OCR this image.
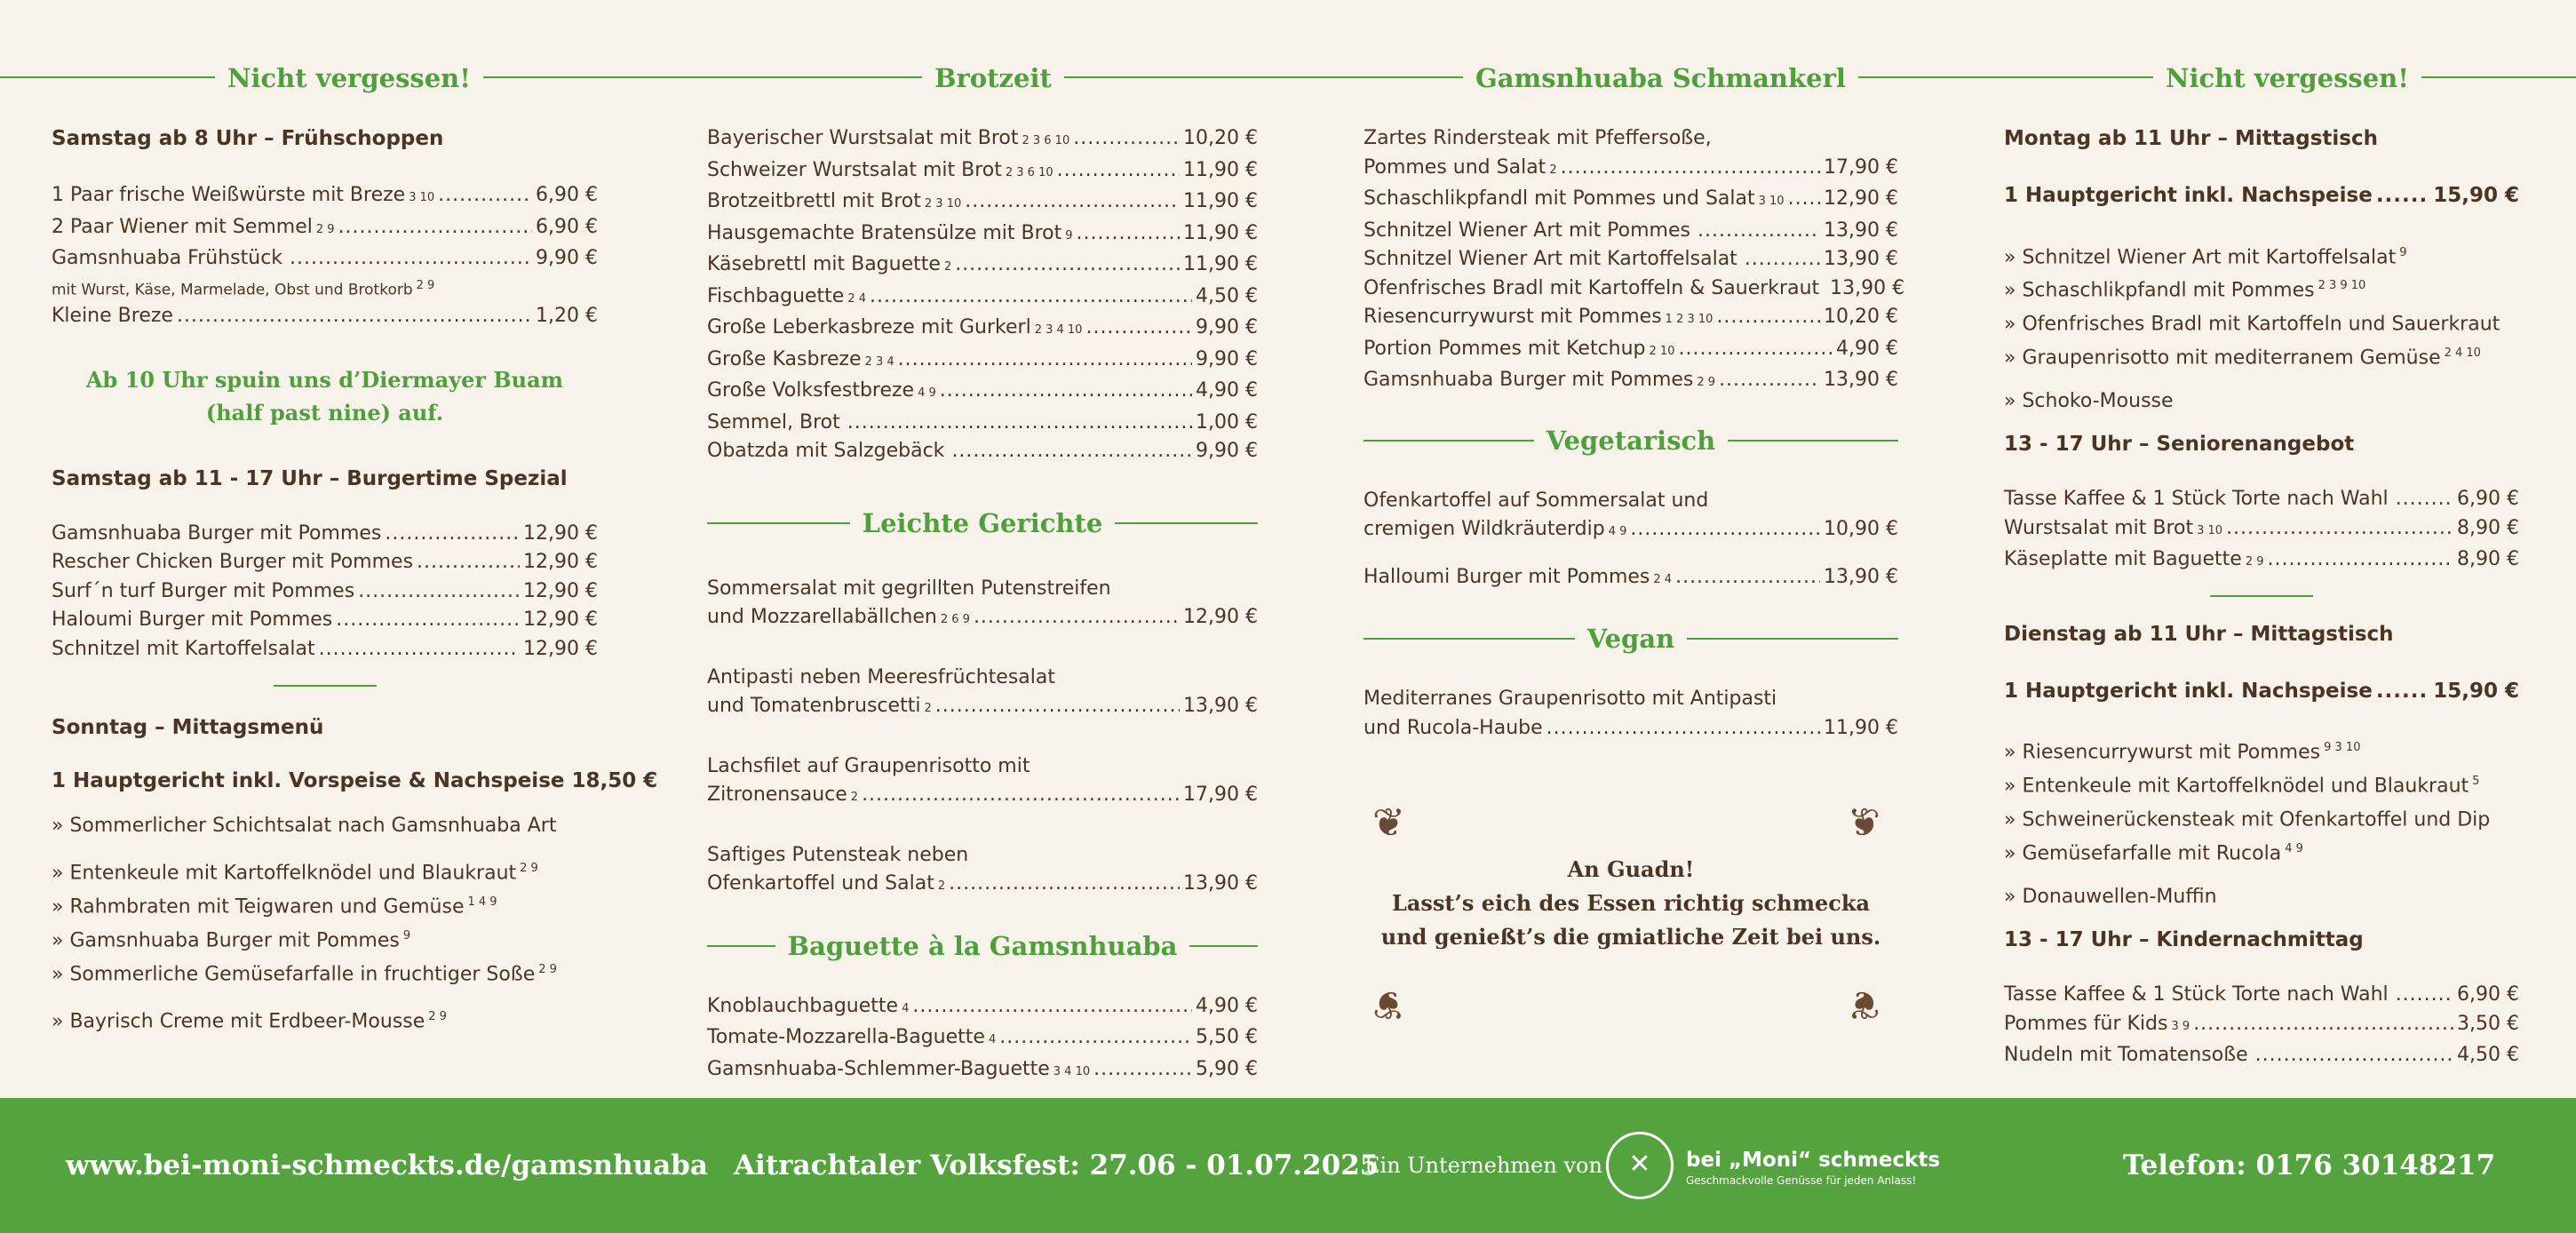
Nicht vergessen!	Brotzeit	Gamsnhuaba Schmankerl	Nicht vergessen!
Samstag ab 8 Uhr – Frühschoppen
1 Paar frische Weißwürste mit Breze 3 10 .....	6,90 €
2 Paar Wiener mit Semmel 2 9 .....	6,90 €
Gamsnhuaba Frühstück .....	9,90 €
mit Wurst, Käse, Marmelade, Obst und Brotkorb $^{2 9}$
Kleine Breze .....	1,20 €
Ab 10 Uhr spuin uns d’Diermayer Buam
(half past nine) auf.
Samstag ab 11 - 17 Uhr – Burgertime Spezial
Gamsnhuaba Burger mit Pommes .....	12,90 €
Rescher Chicken Burger mit Pommes .....	12,90 €
Surf´n turf Burger mit Pommes .....	12,90 €
Haloumi Burger mit Pommes .....	12,90 €
Schnitzel mit Kartoffelsalat .....	12,90 €
Sonntag – Mittagsmenü
1 Hauptgericht inkl. Vorspeise & Nachspeise 18,50 €
» Sommerlicher Schichtsalat nach Gamsnhuaba Art
» Entenkeule mit Kartoffelknödel und Blaukraut $^{2 9}$
» Rahmbraten mit Teigwaren und Gemüse $^{1 4 9}$
» Gamsnhuaba Burger mit Pommes $^9$
» Sommerliche Gemüsefarfalle in fruchtiger Soße $^{2 9}$
» Bayrisch Creme mit Erdbeer-Mousse $^{2 9}$
Bayerischer Wurstsalat mit Brot 2 3 6 10 .....	10,20 €
Schweizer Wurstsalat mit Brot 2 3 6 10 .....	11,90 €
Brotzeitbrettl mit Brot 2 3 10 .....	11,90 €
Hausgemachte Bratensülze mit Brot 9 .....	11,90 €
Käsebrettl mit Baguette 2 .....	11,90 €
Fischbaguette 2 4 .....	4,50 €
Große Leberkasbreze mit Gurkerl 2 3 4 10 .....	9,90 €
Große Kasbreze 2 3 4 .....	9,90 €
Große Volksfestbreze 4 9 .....	4,90 €
Semmel, Brot .....	1,00 €
Obatzda mit Salzgebäck .....	9,90 €
Leichte Gerichte
Sommersalat mit gegrillten Putenstreifen
und Mozzarellabällchen 2 6 9 .....	12,90 €
Antipasti neben Meeresfrüchtesalat
und Tomatenbruscetti 2 .....	13,90 €
Lachsfilet auf Graupenrisotto mit
Zitronensauce 2 .....	17,90 €
Saftiges Putensteak neben
Ofenkartoffel und Salat 2 .....	13,90 €
Baguette à la Gamsnhuaba
Knoblauchbaguette 4 .....	4,90 €
Tomate-Mozzarella-Baguette 4 .....	5,50 €
Gamsnhuaba-Schlemmer-Baguette 3 4 10 .....	5,90 €
Zartes Rindersteak mit Pfeffersoße,
Pommes und Salat 2 .....	17,90 €
Schaschlikpfandl mit Pommes und Salat 3 10 ..... 12,90 €
Schnitzel Wiener Art mit Pommes .....	13,90 €
Schnitzel Wiener Art mit Kartoffelsalat .....	13,90 €
Ofenfrisches Bradl mit Kartoffeln & Sauerkraut 13,90 €
Riesencurrywurst mit Pommes 1 2 3 10 .....	10,20 €
Portion Pommes mit Ketchup 2 10 .....	4,90 €
Gamsnhuaba Burger mit Pommes 2 9 .....	13,90 €
Vegetarisch
Ofenkartoffel auf Sommersalat und
cremigen Wildkräuterdip 4 9 .....	10,90 €
Halloumi Burger mit Pommes 2 4 .....	13,90 €
Vegan
Mediterranes Graupenrisotto mit Antipasti
und Rucola-Haube .....	11,90 €
❦	❦
❦	❦
An Guadn!
Lasst’s eich des Essen richtig schmecka
und genießt’s die gmiatliche Zeit bei uns.
Montag ab 11 Uhr – Mittagstisch
1 Hauptgericht inkl. Nachspeise .....	15,90 €
» Schnitzel Wiener Art mit Kartoffelsalat $^9$
» Schaschlikpfandl mit Pommes $^{2 3 9 10}$
» Ofenfrisches Bradl mit Kartoffeln und Sauerkraut
» Graupenrisotto mit mediterranem Gemüse $^{2 4 10}$
» Schoko-Mousse
13 - 17 Uhr – Seniorenangebot
Tasse Kaffee & 1 Stück Torte nach Wahl .....	6,90 €
Wurstsalat mit Brot 3 10 .....	8,90 €
Käseplatte mit Baguette 2 9 .....	8,90 €
Dienstag ab 11 Uhr – Mittagstisch
1 Hauptgericht inkl. Nachspeise .....	15,90 €
» Riesencurrywurst mit Pommes $^{9 3 10}$
» Entenkeule mit Kartoffelknödel und Blaukraut $^5$
» Schweinerückensteak mit Ofenkartoffel und Dip
» Gemüsefarfalle mit Rucola $^{4 9}$
» Donauwellen-Muffin
13 - 17 Uhr – Kindernachmittag
Tasse Kaffee & 1 Stück Torte nach Wahl .....	6,90 €
Pommes für Kids 3 9 .....	3,50 €
Nudeln mit Tomatensoße .....	4,50 €
www.bei-moni-schmeckts.de/gamsnhuaba Aitrachtaler Volksfest: 27.06 - 01.07.2025
Ein Unternehmen von ✕	bei „Moni“ schmeckts
Geschmackvolle Genüsse für jeden Anlass!	Telefon: 0176 30148217
